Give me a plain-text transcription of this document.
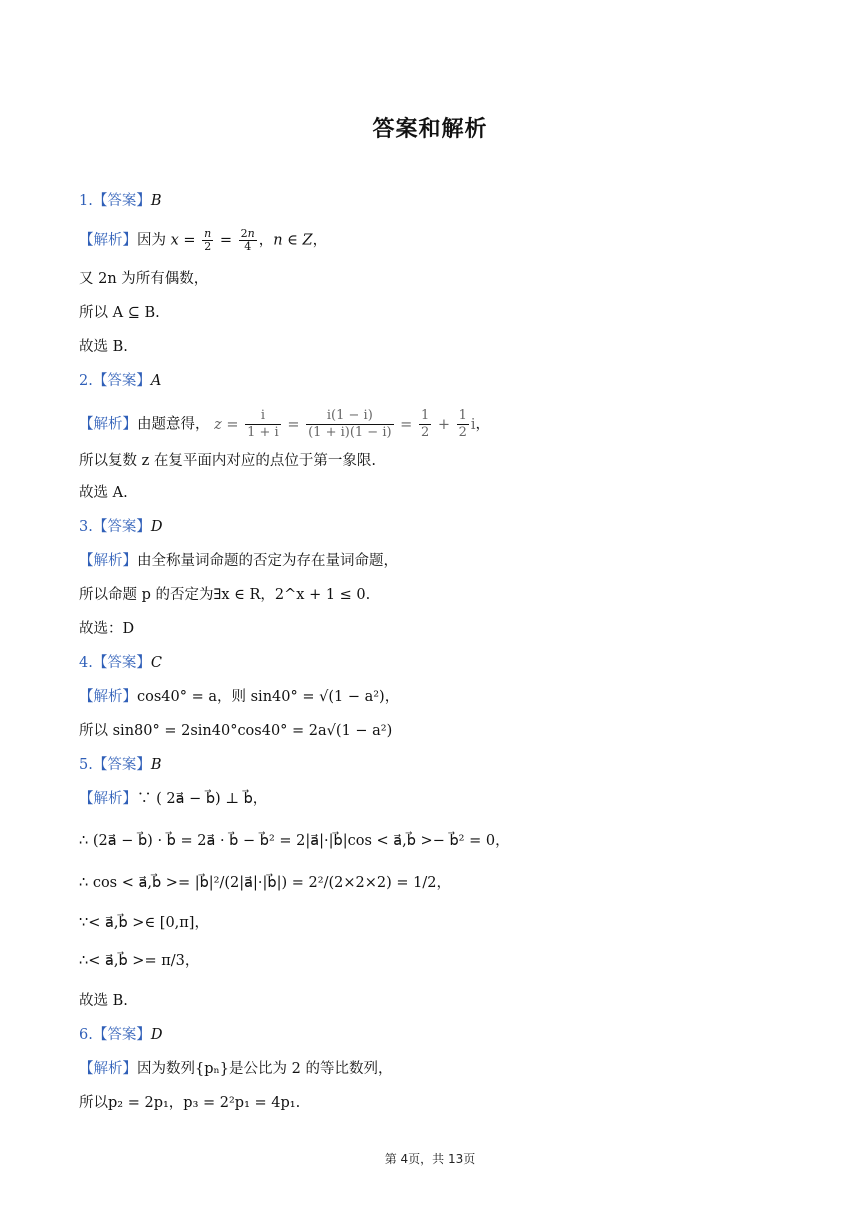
答案和解析
1.【答案】B
【解析】因为 $x = \frac{n}{2} = \frac{2n}{4}$ ，n ∈ Z，
又 2n 为所有偶数，
所以 A ⊆ B.
故选 B.
2.【答案】A
【解析】由题意得， $z = \frac{i}{1 + i} = \frac{i(1 - i)}{(1 + i)(1 - i)} = \frac{1}{2} + \frac{1}{2}$ i，
所以复数 z 在复平面内对应的点位于第一象限.
故选 A.
3.【答案】D
【解析】由全称量词命题的否定为存在量词命题，
所以命题 p 的否定为∃x ∈ R，2^x + 1 ≤ 0.
故选：D
4.【答案】C
【解析】cos40° = a，则 sin40° = √(1 − a²)，
所以 sin80° = 2sin40°cos40° = 2a√(1 − a²)
5.【答案】B
【解析】∵ ( 2a⃗ − b⃗) ⊥ b⃗，
∴ (2a⃗ − b⃗) · b⃗ = 2a⃗ · b⃗ − b⃗² = 2|a⃗|·|b⃗|cos < a⃗,b⃗ >− b⃗² = 0，
∴ cos < a⃗,b⃗ >= |b⃗|²/(2|a⃗|·|b⃗|) = 2²/(2×2×2) = 1/2，
∵< a⃗,b⃗ >∈ [0,π]，
∴< a⃗,b⃗ >= π/3，
故选 B.
6.【答案】D
【解析】因为数列{pₙ}是公比为 2 的等比数列，
所以p₂ = 2p₁，p₃ = 2²p₁ = 4p₁.
第 4页，共 13页
